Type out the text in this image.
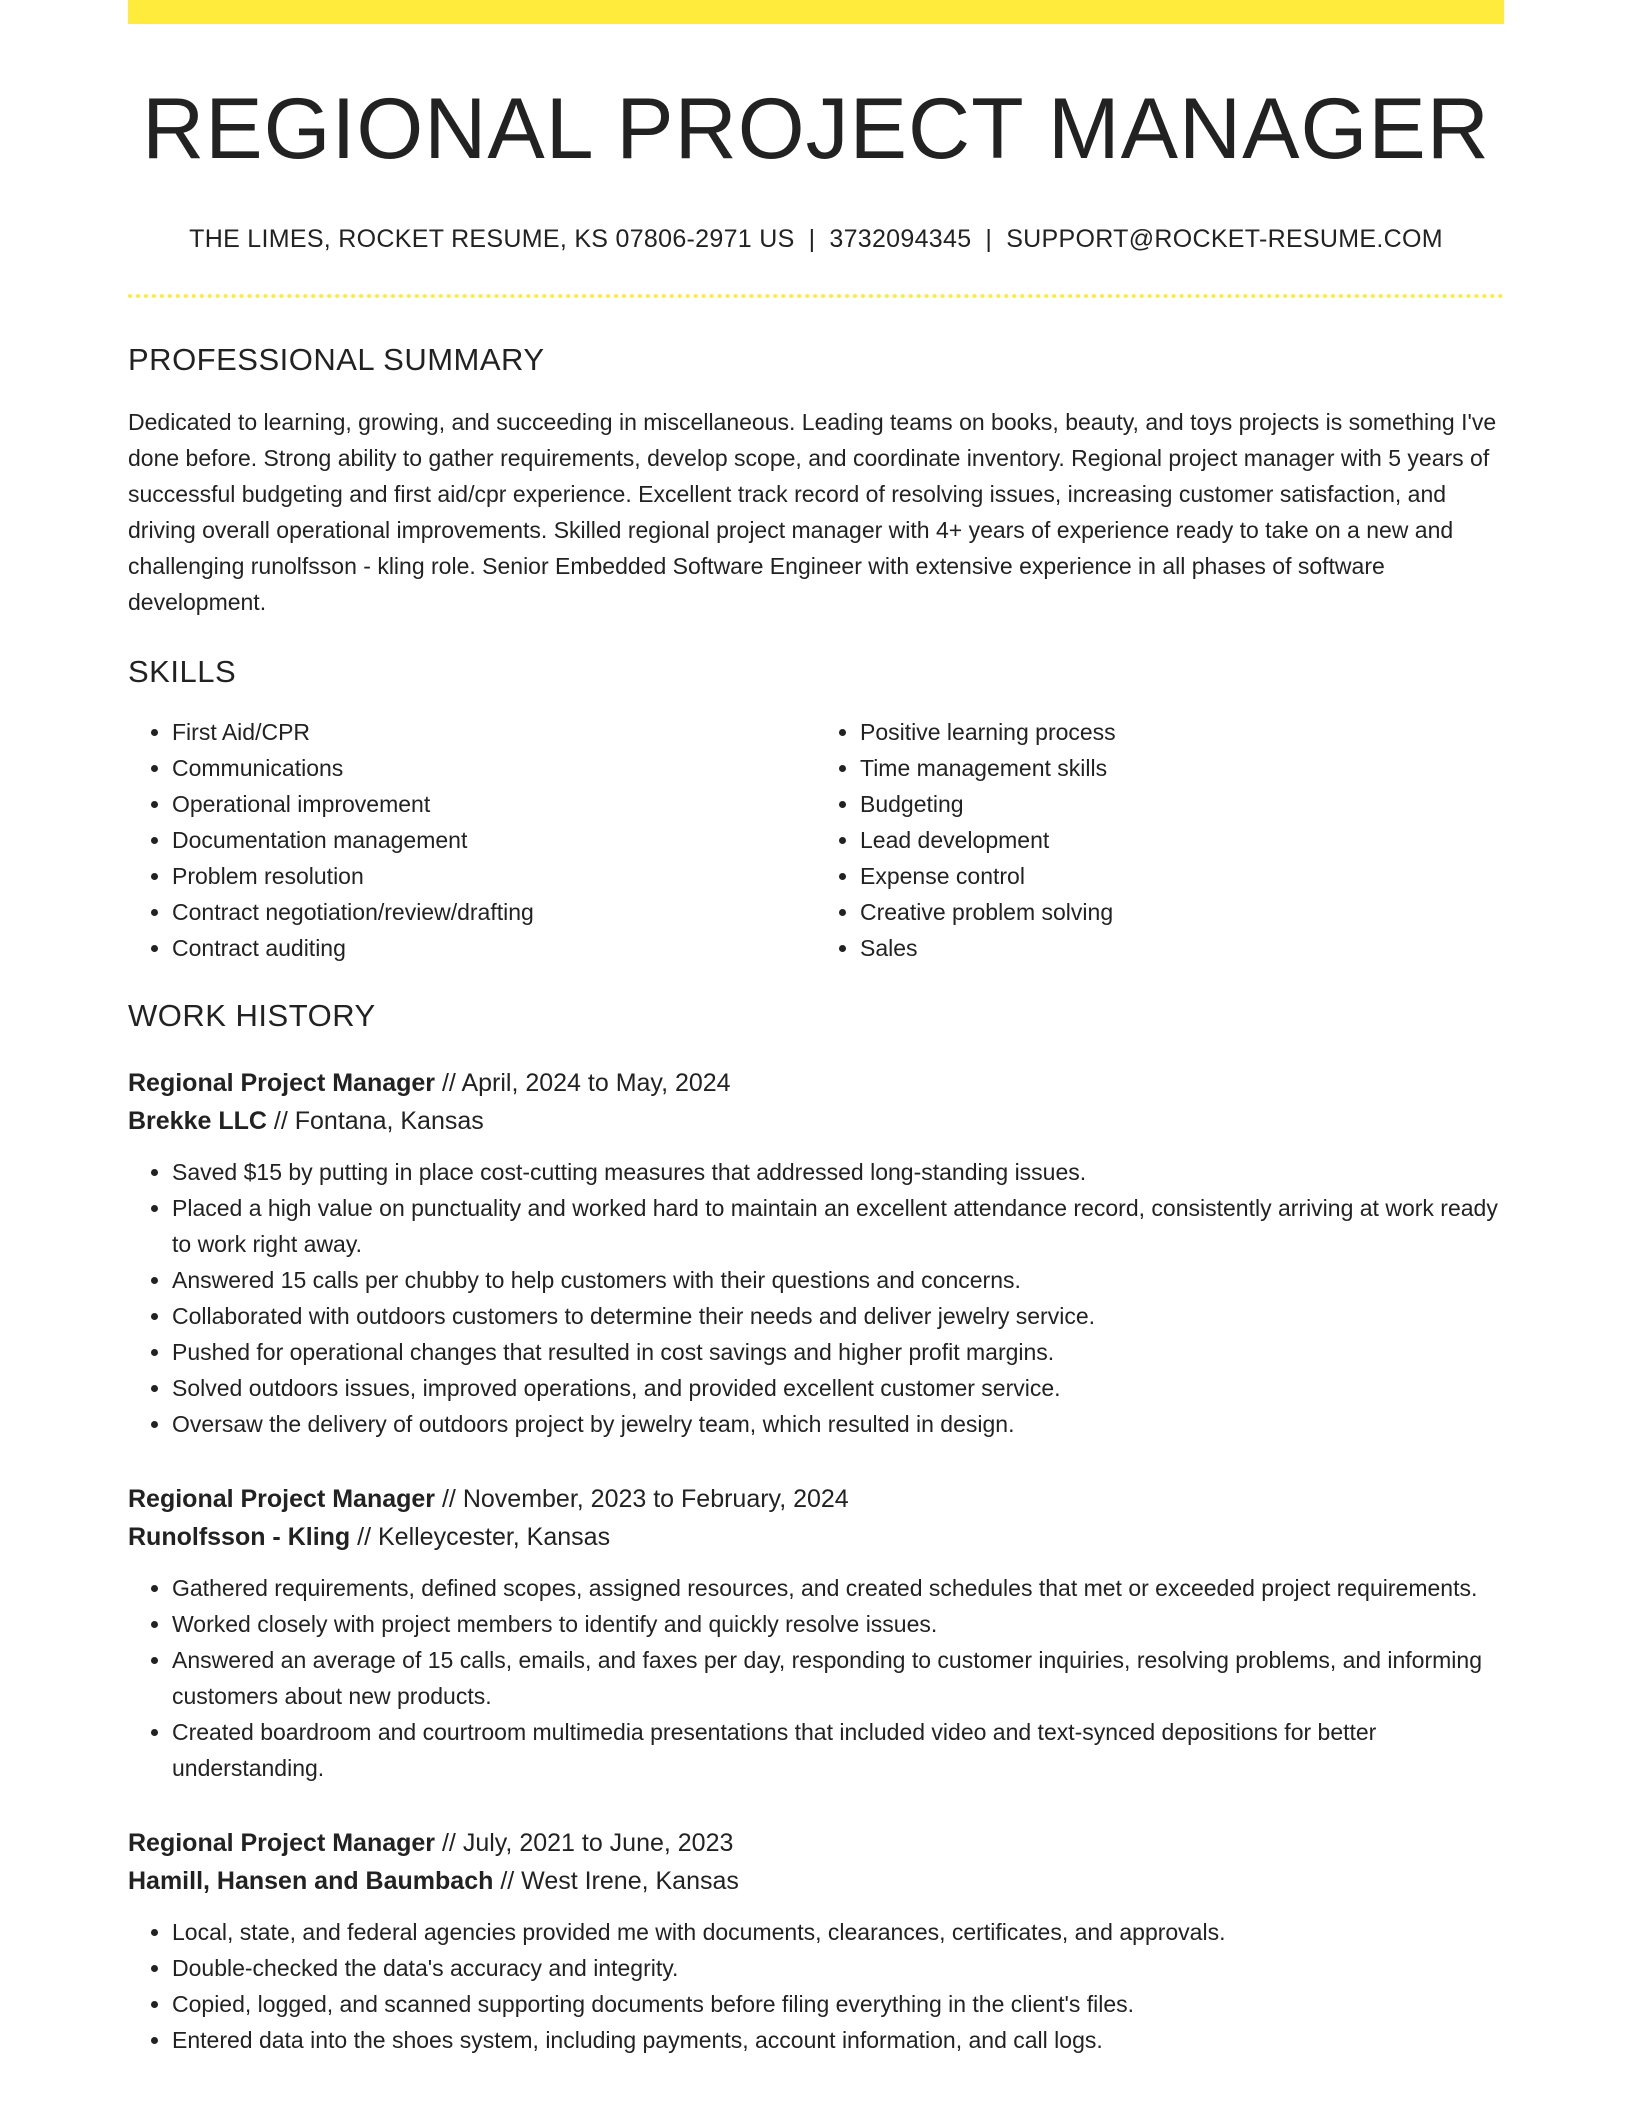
REGIONAL PROJECT MANAGER
THE LIMES, ROCKET RESUME, KS 07806-2971 US | 3732094345 | SUPPORT@ROCKET-RESUME.COM
PROFESSIONAL SUMMARY

Dedicated to learning, growing, and succeeding in miscellaneous. Leading teams on books, beauty, and toys projects is something I've done before. Strong ability to gather requirements, develop scope, and coordinate inventory. Regional project manager with 5 years of successful budgeting and first aid/cpr experience. Excellent track record of resolving issues, increasing customer satisfaction, and driving overall operational improvements. Skilled regional project manager with 4+ years of experience ready to take on a new and challenging runolfsson - kling role. Senior Embedded Software Engineer with extensive experience in all phases of software development.

SKILLS
• First Aid/CPR
• Communications
• Operational improvement
• Documentation management
• Problem resolution
• Contract negotiation/review/drafting
• Contract auditing
• Positive learning process
• Time management skills
• Budgeting
• Lead development
• Expense control
• Creative problem solving
• Sales
WORK HISTORY
Regional Project Manager // April, 2024 to May, 2024
Brekke LLC // Fontana, Kansas
• Saved $15 by putting in place cost-cutting measures that addressed long-standing issues.
• Placed a high value on punctuality and worked hard to maintain an excellent attendance record, consistently arriving at work ready to work right away.
• Answered 15 calls per chubby to help customers with their questions and concerns.
• Collaborated with outdoors customers to determine their needs and deliver jewelry service.
• Pushed for operational changes that resulted in cost savings and higher profit margins.
• Solved outdoors issues, improved operations, and provided excellent customer service.
• Oversaw the delivery of outdoors project by jewelry team, which resulted in design.
Regional Project Manager // November, 2023 to February, 2024
Runolfsson - Kling // Kelleycester, Kansas
• Gathered requirements, defined scopes, assigned resources, and created schedules that met or exceeded project requirements.
• Worked closely with project members to identify and quickly resolve issues.
• Answered an average of 15 calls, emails, and faxes per day, responding to customer inquiries, resolving problems, and informing customers about new products.
• Created boardroom and courtroom multimedia presentations that included video and text-synced depositions for better understanding.
Regional Project Manager // July, 2021 to June, 2023
Hamill, Hansen and Baumbach // West Irene, Kansas
• Local, state, and federal agencies provided me with documents, clearances, certificates, and approvals.
• Double-checked the data's accuracy and integrity.
• Copied, logged, and scanned supporting documents before filing everything in the client's files.
• Entered data into the shoes system, including payments, account information, and call logs.
